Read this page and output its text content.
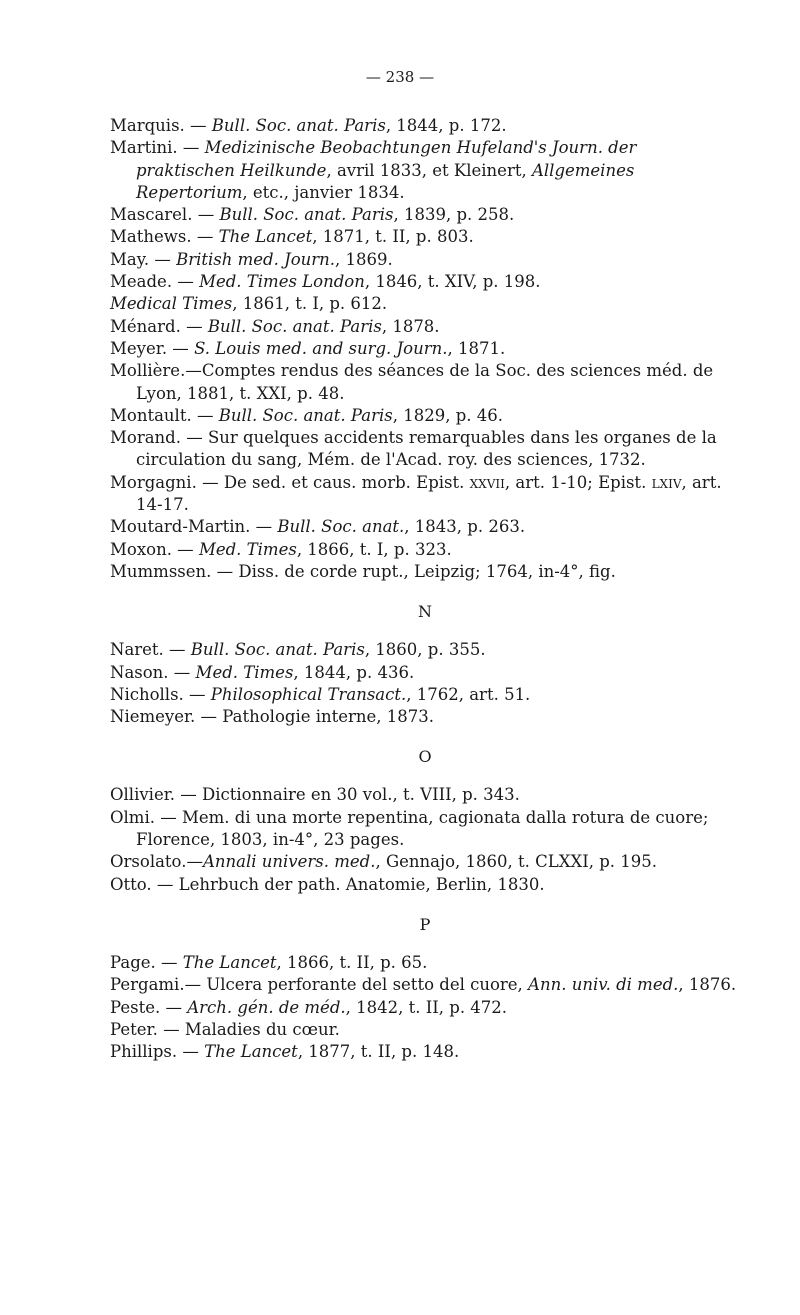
— 238 —

Marquis. — Bull. Soc. anat. Paris, 1844, p. 172.

Martini. — Medizinische Beobachtungen Hufeland's Journ. der praktischen Heilkunde, avril 1833, et Kleinert, Allgemeines Repertorium, etc., janvier 1834.

Mascarel. — Bull. Soc. anat. Paris, 1839, p. 258.

Mathews. — The Lancet, 1871, t. II, p. 803.

May. — British med. Journ., 1869.

Meade. — Med. Times London, 1846, t. XIV, p. 198.

Medical Times, 1861, t. I, p. 612.

Ménard. — Bull. Soc. anat. Paris, 1878.

Meyer. — S. Louis med. and surg. Journ., 1871.

Mollière.—Comptes rendus des séances de la Soc. des sciences méd. de Lyon, 1881, t. XXI, p. 48.

Montault. — Bull. Soc. anat. Paris, 1829, p. 46.

Morand. — Sur quelques accidents remarquables dans les organes de la circulation du sang, Mém. de l'Acad. roy. des sciences, 1732.

Morgagni. — De sed. et caus. morb. Epist. xxvii, art. 1-10; Epist. lxiv, art. 14-17.

Moutard-Martin. — Bull. Soc. anat., 1843, p. 263.

Moxon. — Med. Times, 1866, t. I, p. 323.

Mummssen. — Diss. de corde rupt., Leipzig; 1764, in-4°, fig.

N

Naret. — Bull. Soc. anat. Paris, 1860, p. 355.

Nason. — Med. Times, 1844, p. 436.

Nicholls. — Philosophical Transact., 1762, art. 51.

Niemeyer. — Pathologie interne, 1873.

O

Ollivier. — Dictionnaire en 30 vol., t. VIII, p. 343.

Olmi. — Mem. di una morte repentina, cagionata dalla rotura de cuore; Florence, 1803, in-4°, 23 pages.

Orsolato.—Annali univers. med., Gennajo, 1860, t. CLXXI, p. 195.

Otto. — Lehrbuch der path. Anatomie, Berlin, 1830.

P

Page. — The Lancet, 1866, t. II, p. 65.

Pergami.— Ulcera perforante del setto del cuore, Ann. univ. di med., 1876.

Peste. — Arch. gén. de méd., 1842, t. II, p. 472.

Peter. — Maladies du cœur.

Phillips. — The Lancet, 1877, t. II, p. 148.
